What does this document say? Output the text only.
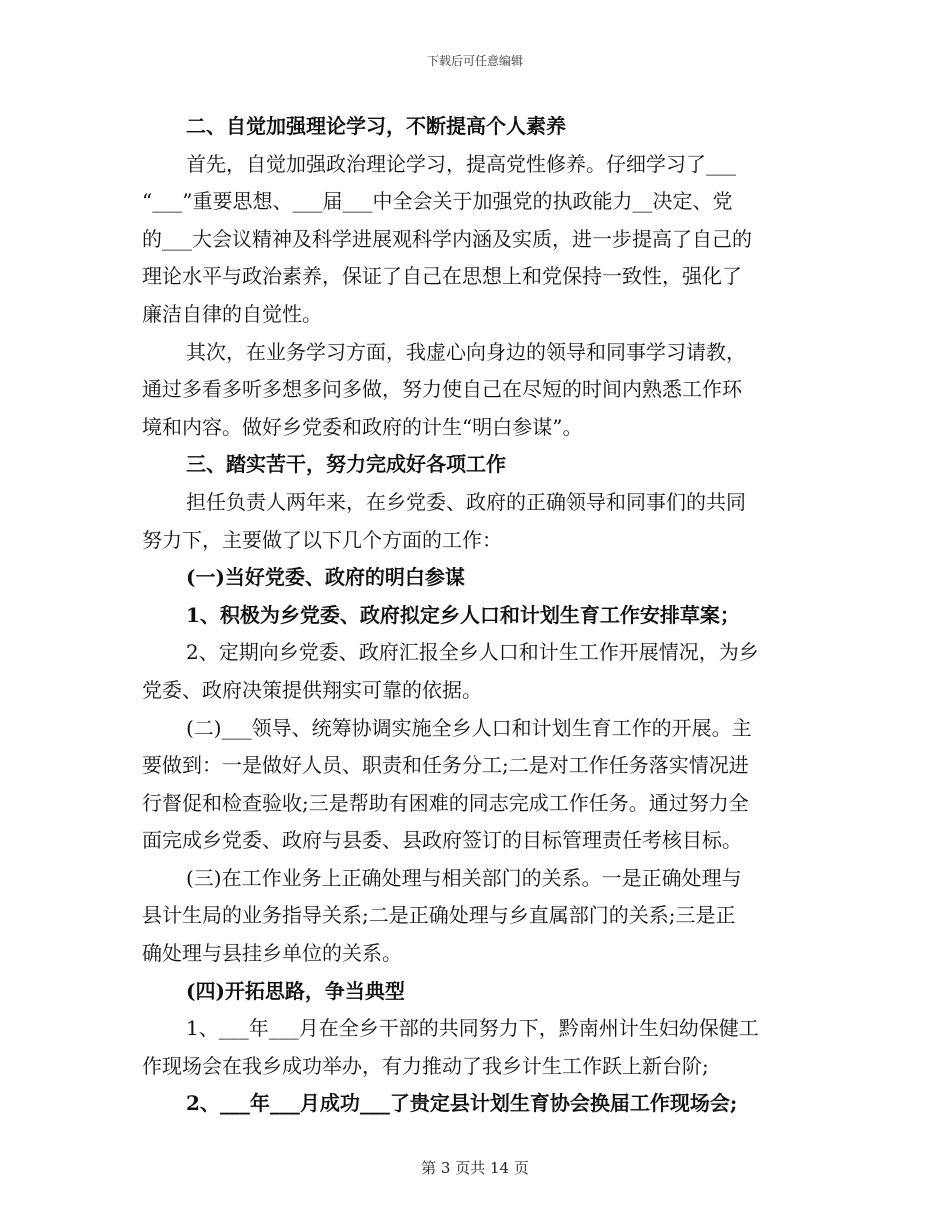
下载后可任意编辑
二、自觉加强理论学习，不断提高个人素养
首先，自觉加强政治理论学习，提高党性修养。仔细学习了___
“___”重要思想、___届___中全会关于加强党的执政能力__决定、党
的___大会议精神及科学进展观科学内涵及实质，进一步提高了自己的
理论水平与政治素养，保证了自己在思想上和党保持一致性，强化了
廉洁自律的自觉性。
其次，在业务学习方面，我虚心向身边的领导和同事学习请教，
通过多看多听多想多问多做，努力使自己在尽短的时间内熟悉工作环
境和内容。做好乡党委和政府的计生“明白参谋”。
三、踏实苦干，努力完成好各项工作
担任负责人两年来，在乡党委、政府的正确领导和同事们的共同
努力下，主要做了以下几个方面的工作：
(一)当好党委、政府的明白参谋
1、积极为乡党委、政府拟定乡人口和计划生育工作安排草案；
2、定期向乡党委、政府汇报全乡人口和计生工作开展情况，为乡
党委、政府决策提供翔实可靠的依据。
(二)___领导、统筹协调实施全乡人口和计划生育工作的开展。主
要做到：一是做好人员、职责和任务分工;二是对工作任务落实情况进
行督促和检查验收;三是帮助有困难的同志完成工作任务。通过努力全
面完成乡党委、政府与县委、县政府签订的目标管理责任考核目标。
(三)在工作业务上正确处理与相关部门的关系。一是正确处理与
县计生局的业务指导关系;二是正确处理与乡直属部门的关系;三是正
确处理与县挂乡单位的关系。
(四)开拓思路，争当典型
1、___年___月在全乡干部的共同努力下，黔南州计生妇幼保健工
作现场会在我乡成功举办，有力推动了我乡计生工作跃上新台阶;
2、___年___月成功___了贵定县计划生育协会换届工作现场会;
第 3 页共 14 页
